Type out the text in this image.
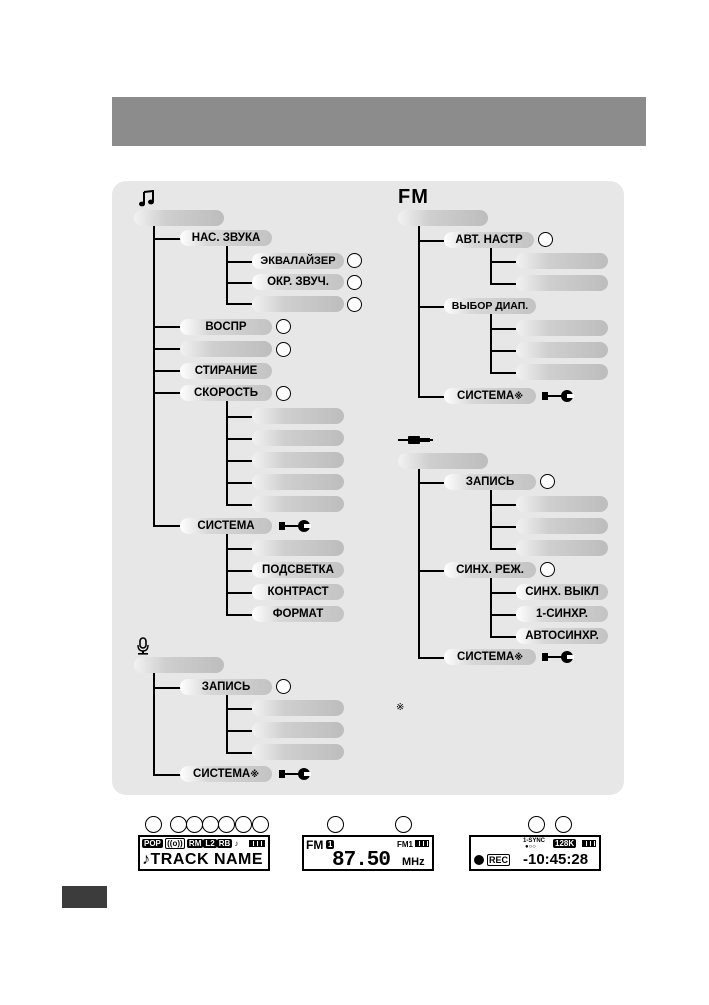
НАС. ЗВУКА
ЭКВАЛАЙЗЕР
ОКР. ЗВУЧ.
ВОСПР
СТИРАНИЕ
СКОРОСТЬ
СИСТЕМА
ПОДСВЕТКА
КОНТРАСТ
ФОРМАТ
ЗАПИСЬ
СИСТЕМА※
FM
АВТ. НАСТР
ВЫБОР ДИАП.
СИСТЕМА※
ЗАПИСЬ
СИНХ. РЕЖ.
СИНХ. ВЫКЛ
1-СИНХР.
АВТОСИНХР.
СИСТЕМА※
※
POP ((o)) RM L2 RB ♪
♪TRACK NAME
FM 1	FM1
87.50 MHz
1-SYNC
●○○ 128K
REC -10:45:28
